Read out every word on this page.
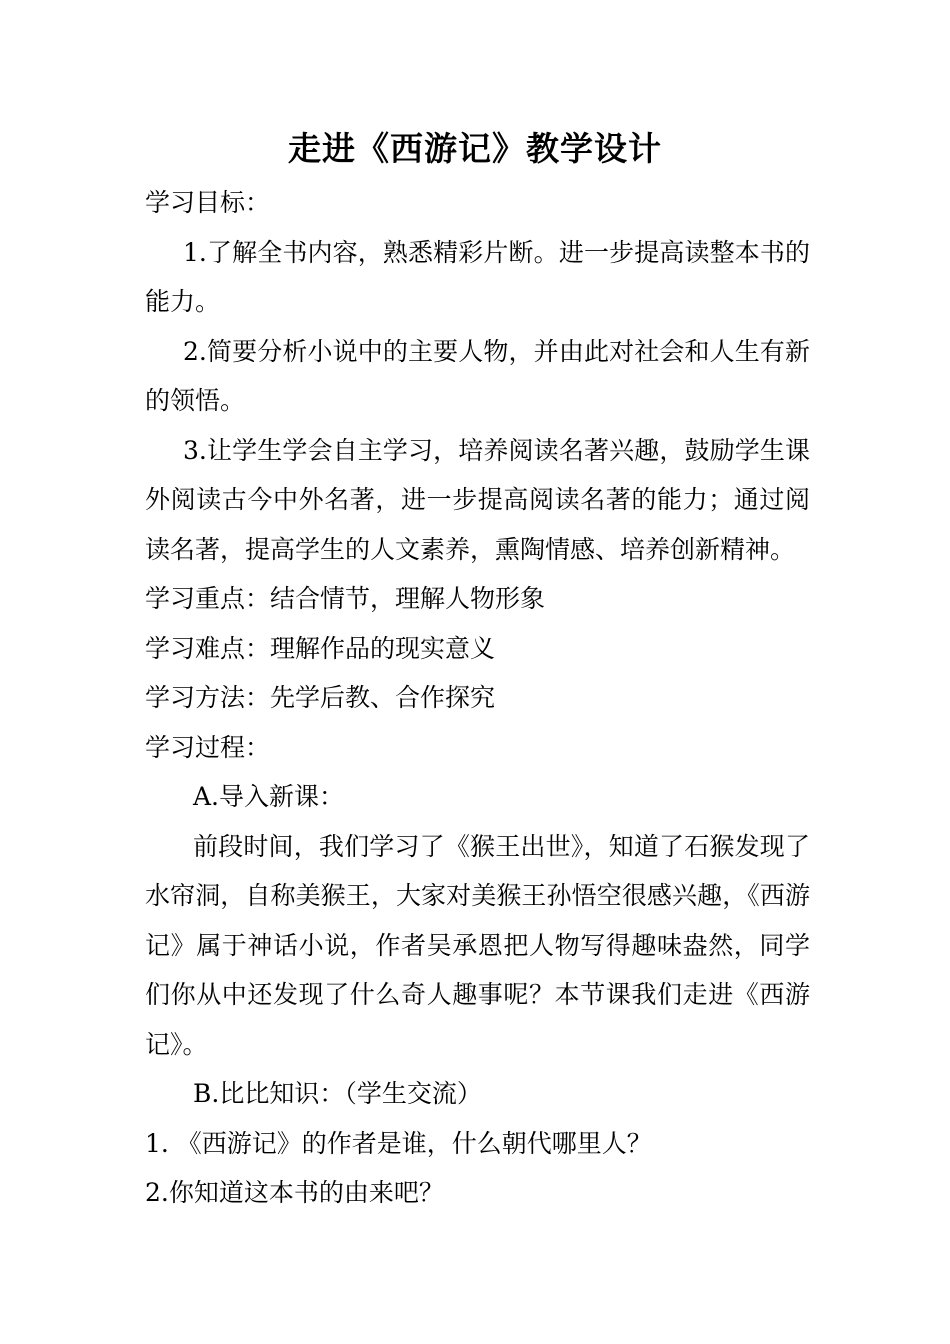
走进《西游记》教学设计

学习目标：

1.了解全书内容，熟悉精彩片断。进一步提高读整本书的能力。

2.简要分析小说中的主要人物，并由此对社会和人生有新的领悟。

3.让学生学会自主学习，培养阅读名著兴趣，鼓励学生课外阅读古今中外名著，进一步提高阅读名著的能力；通过阅读名著，提高学生的人文素养，熏陶情感、培养创新精神。

学习重点：结合情节，理解人物形象

学习难点：理解作品的现实意义

学习方法：先学后教、合作探究

学习过程：

A.导入新课：

前段时间，我们学习了《猴王出世》，知道了石猴发现了水帘洞，自称美猴王，大家对美猴王孙悟空很感兴趣，《西游记》属于神话小说，作者吴承恩把人物写得趣味盎然，同学们你从中还发现了什么奇人趣事呢？本节课我们走进《西游记》。

B.比比知识：（学生交流）

1. 《西游记》的作者是谁，什么朝代哪里人？

2.你知道这本书的由来吧？
